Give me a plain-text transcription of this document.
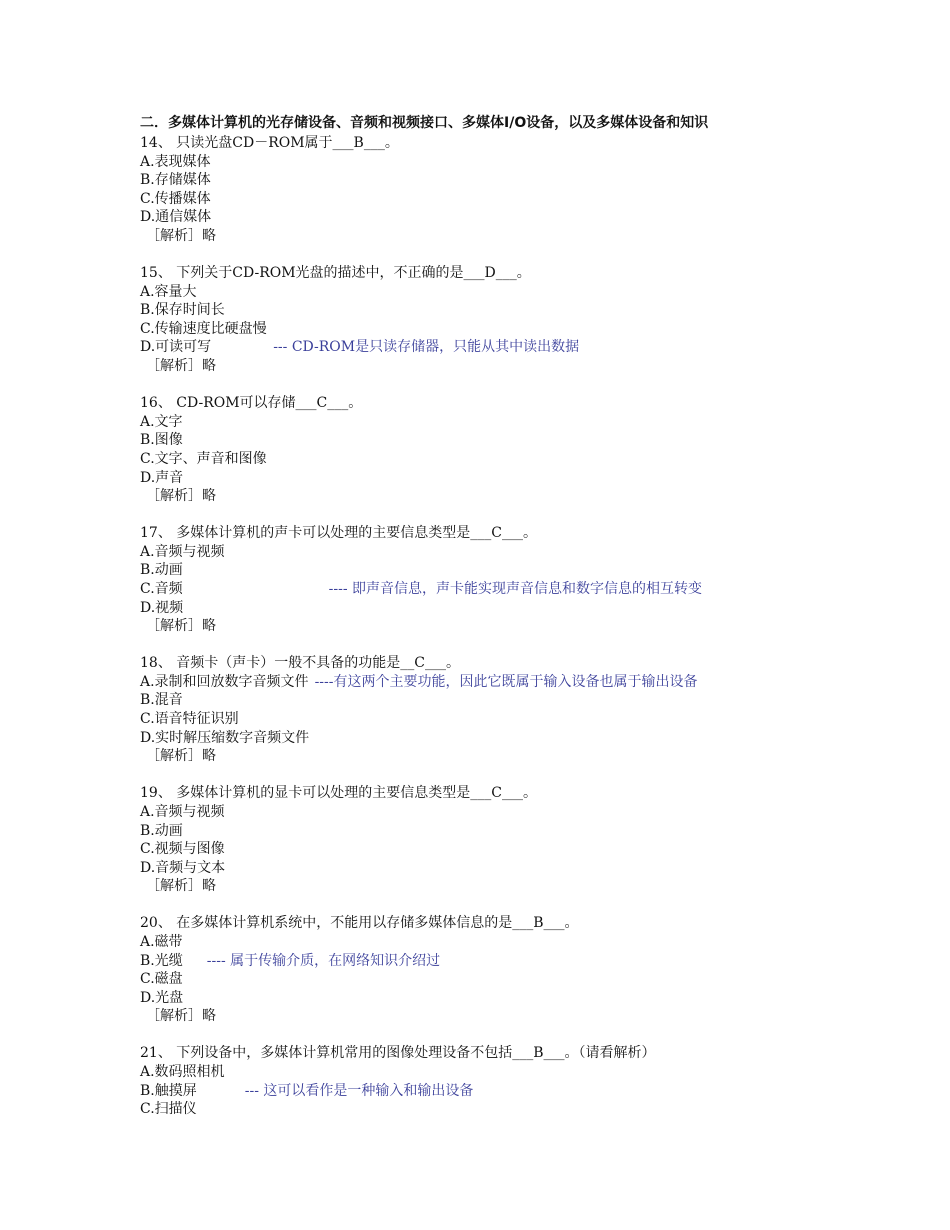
二．多媒体计算机的光存储设备、音频和视频接口、多媒体I/O设备，以及多媒体设备和知识
14、 只读光盘CD－ROM属于___B___。
A.表现媒体
B.存储媒体
C.传播媒体
D.通信媒体
［解析］略
15、 下列关于CD-ROM光盘的描述中，不正确的是___D___。
A.容量大
B.保存时间长
C.传输速度比硬盘慢
D.可读可写	--- CD-ROM是只读存储器，只能从其中读出数据
［解析］略
16、 CD-ROM可以存储___C___。
A.文字
B.图像
C.文字、声音和图像
D.声音
［解析］略
17、 多媒体计算机的声卡可以处理的主要信息类型是___C___。
A.音频与视频
B.动画
C.音频	---- 即声音信息，声卡能实现声音信息和数字信息的相互转变
D.视频
［解析］略
18、 音频卡（声卡）一般不具备的功能是__C___。
A.录制和回放数字音频文件 ----有这两个主要功能，因此它既属于输入设备也属于输出设备
B.混音
C.语音特征识别
D.实时解压缩数字音频文件
［解析］略
19、 多媒体计算机的显卡可以处理的主要信息类型是___C___。
A.音频与视频
B.动画
C.视频与图像
D.音频与文本
［解析］略
20、 在多媒体计算机系统中，不能用以存储多媒体信息的是___B___。
A.磁带
B.光缆 ---- 属于传输介质，在网络知识介绍过
C.磁盘
D.光盘
［解析］略
21、 下列设备中，多媒体计算机常用的图像处理设备不包括___B___。（请看解析）
A.数码照相机
B.触摸屏	--- 这可以看作是一种输入和输出设备
C.扫描仪
